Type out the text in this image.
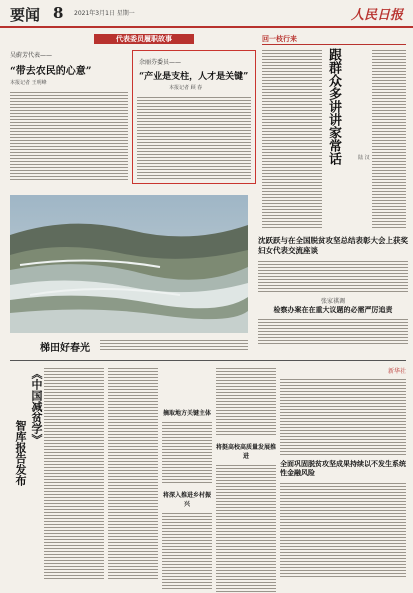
要闻 8 2021年3月1日 星期一	人民日报
代表委员履职故事
吴蔚芳代表——
“带去农民的心意”
本报记者 王明峰
余丽芬委员——
“产业是支柱，人才是关键”
本报记者 顾 春
回一枝行来
跟群众多讲讲家常话	陆 汉
梯田好春光
沈跃跃与在全国脱贫攻坚总结表彰大会上获奖妇女代表交流座谈
张家祺调
检察办案在在重大议题的必需严厉追责
《中国减贫学》
智库报告发布
摘取地方关键主体
将深入推进乡村振兴
将挺高校高质量发展推进
新华社
全面巩固脱贫攻坚成果持续以不发生系统性金融风险
